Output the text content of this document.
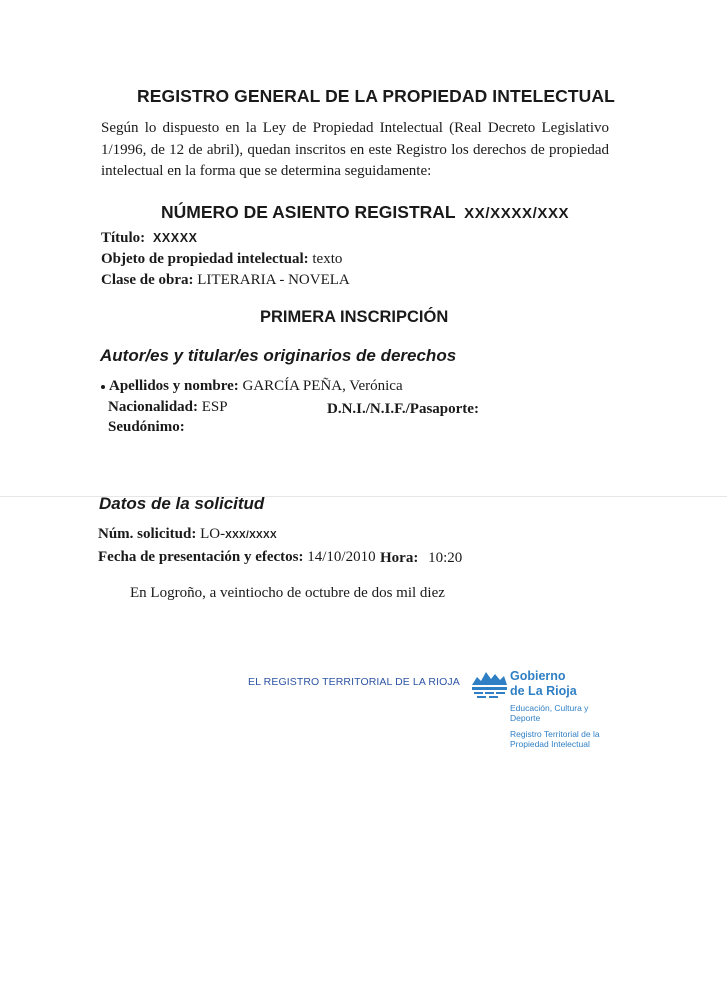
REGISTRO GENERAL DE LA PROPIEDAD INTELECTUAL
Según lo dispuesto en la Ley de Propiedad Intelectual (Real Decreto Legislativo 1/1996, de 12 de abril), quedan inscritos en este Registro los derechos de propiedad intelectual en la forma que se determina seguidamente:
NÚMERO DE ASIENTO REGISTRAL XX/XXXX/XXX
Título: XXXXX
Objeto de propiedad intelectual: texto
Clase de obra: LITERARIA - NOVELA
PRIMERA INSCRIPCIÓN
Autor/es y titular/es originarios de derechos
Apellidos y nombre: GARCÍA PEÑA, Verónica
Nacionalidad: ESP	D.N.I./N.I.F./Pasaporte:
Seudónimo:
Datos de la solicitud
Núm. solicitud: LO-XXX/XXXX
Fecha de presentación y efectos: 14/10/2010 Hora: 10:20
En Logroño, a veintiocho de octubre de dos mil diez
EL REGISTRO TERRITORIAL DE LA RIOJA	Gobierno
de La Rioja
Educación, Cultura y
Deporte
Registro Territorial de la
Propiedad Intelectual
